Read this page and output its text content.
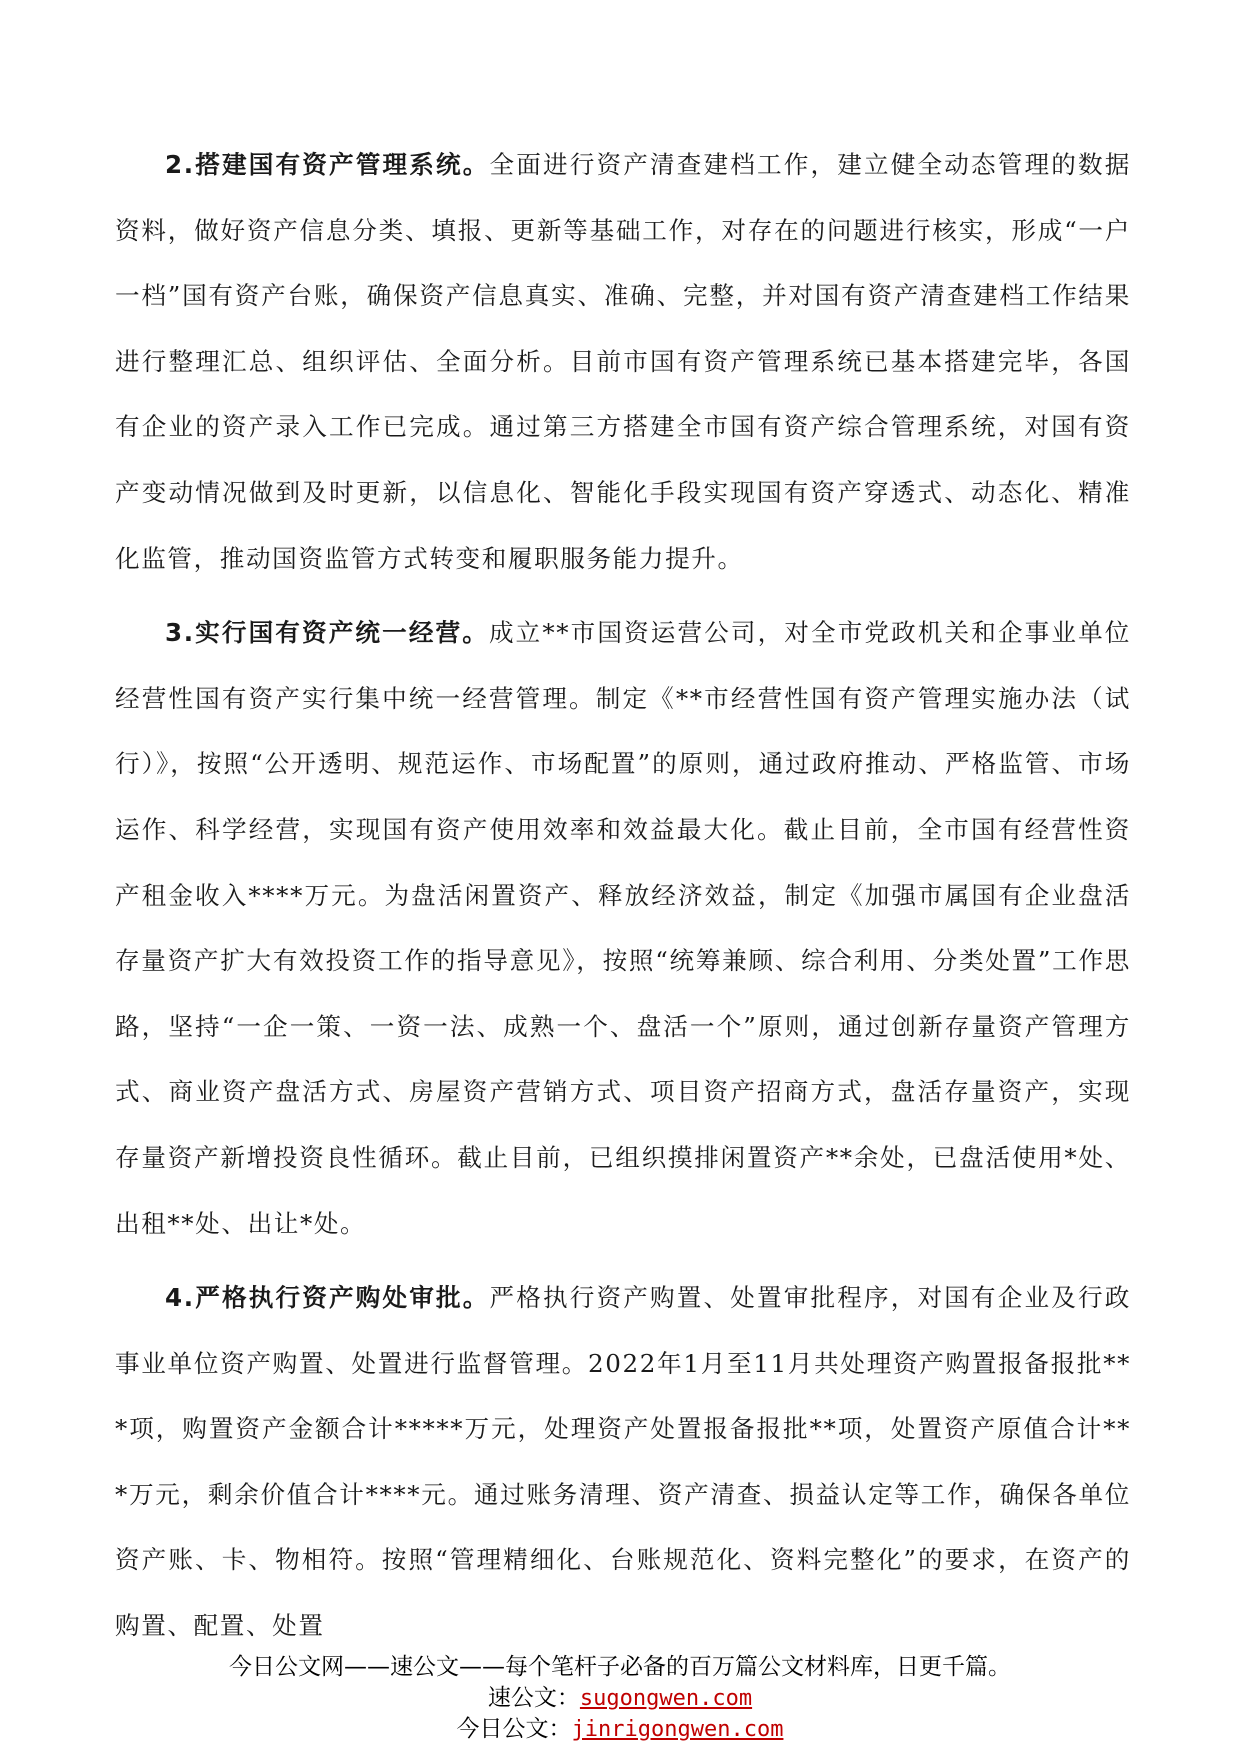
2.搭建国有资产管理系统。全面进行资产清查建档工作，建立健全动态管理的数据资料，做好资产信息分类、填报、更新等基础工作，对存在的问题进行核实，形成“一户一档”国有资产台账，确保资产信息真实、准确、完整，并对国有资产清查建档工作结果进行整理汇总、组织评估、全面分析。目前市国有资产管理系统已基本搭建完毕，各国有企业的资产录入工作已完成。通过第三方搭建全市国有资产综合管理系统，对国有资产变动情况做到及时更新，以信息化、智能化手段实现国有资产穿透式、动态化、精准化监管，推动国资监管方式转变和履职服务能力提升。

3.实行国有资产统一经营。成立**市国资运营公司，对全市党政机关和企事业单位经营性国有资产实行集中统一经营管理。制定《**市经营性国有资产管理实施办法（试行）》，按照“公开透明、规范运作、市场配置”的原则，通过政府推动、严格监管、市场运作、科学经营，实现国有资产使用效率和效益最大化。截止目前，全市国有经营性资产租金收入****万元。为盘活闲置资产、释放经济效益，制定《加强市属国有企业盘活存量资产扩大有效投资工作的指导意见》，按照“统筹兼顾、综合利用、分类处置”工作思路，坚持“一企一策、一资一法、成熟一个、盘活一个”原则，通过创新存量资产管理方式、商业资产盘活方式、房屋资产营销方式、项目资产招商方式，盘活存量资产，实现存量资产新增投资良性循环。截止目前，已组织摸排闲置资产**余处，已盘活使用*处、出租**处、出让*处。

4.严格执行资产购处审批。严格执行资产购置、处置审批程序，对国有企业及行政事业单位资产购置、处置进行监督管理。2022年1月至11月共处理资产购置报备报批***项，购置资产金额合计*****万元，处理资产处置报备报批**项，处置资产原值合计***万元，剩余价值合计****元。通过账务清理、资产清查、损益认定等工作，确保各单位资产账、卡、物相符。按照“管理精细化、台账规范化、资料完整化”的要求，在资产的购置、配置、处置

今日公文网——速公文——每个笔杆子必备的百万篇公文材料库，日更千篇。

速公文：sugongwen.com

今日公文：jinrigongwen.com
